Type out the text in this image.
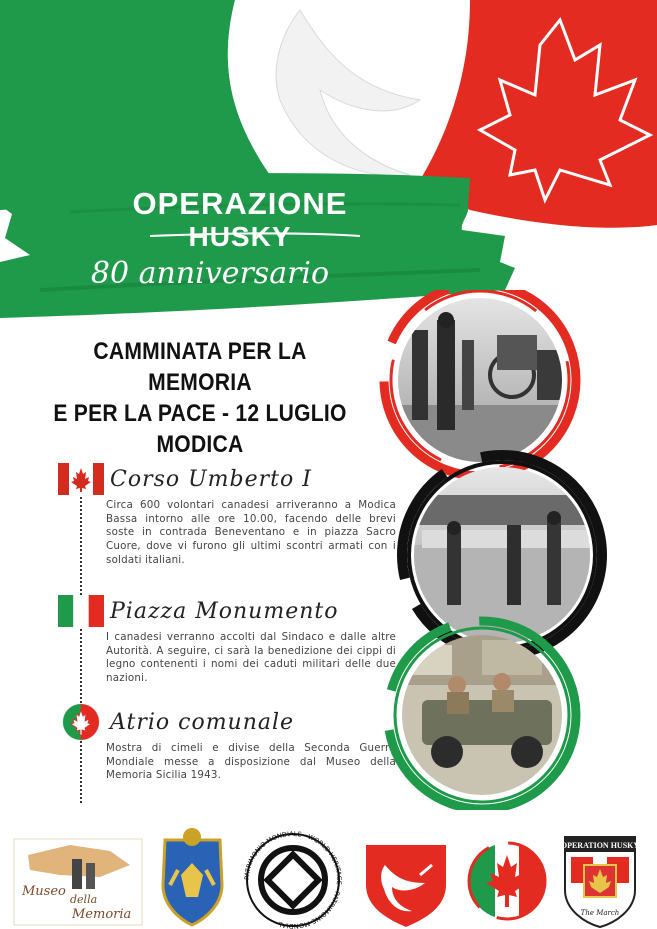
OPERAZIONE
HUSKY
80 anniversario
CAMMINATA PER LA MEMORIA
E PER LA PACE - 12 LUGLIO
MODICA
Corso Umberto I
Circa 600 volontari canadesi arriveranno a Modica Bassa intorno alle ore 10.00, facendo delle brevi soste in contrada Beneventano e in piazza Sacro Cuore, dove vi furono gli ultimi scontri armati con i soldati italiani.
Piazza Monumento
I canadesi verranno accolti dal Sindaco e dalle altre Autorità. A seguire, ci sarà la benedizione dei cippi di legno contenenti i nomi dei caduti militari delle due nazioni.
Atrio comunale
Mostra di cimeli e divise della Seconda Guerra Mondiale messe a disposizione dal Museo della Memoria Sicilia 1943.
Museo
della
Memoria
PATRIMONIO MONDIALE · WORLD HERITAGE · PATRIMOINE MONDIAL ·
OPERATION HUSKY
The March
